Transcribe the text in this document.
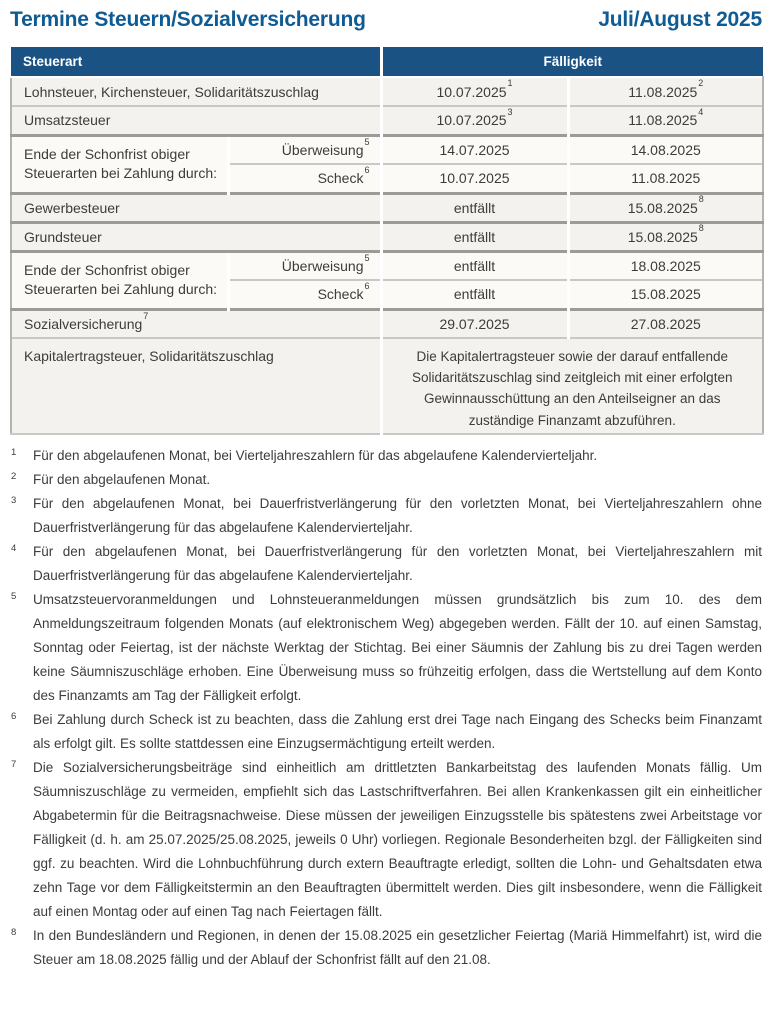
Termine Steuern/Sozialversicherung	Juli/August 2025
Steuerart		Fälligkeit	
Lohnsteuer, Kirchensteuer, Solidaritätszuschlag		10.07.2025$^1$	11.08.2025$^2$
Umsatzsteuer		10.07.2025$^3$	11.08.2025$^4$
Ende der Schonfrist obiger Steuerarten bei Zahlung durch:	Überweisung$^5$	14.07.2025	14.08.2025
	Scheck$^6$	10.07.2025	11.08.2025
Gewerbesteuer		entfällt	15.08.2025$^8$
Grundsteuer		entfällt	15.08.2025$^8$
Ende der Schonfrist obiger Steuerarten bei Zahlung durch:	Überweisung$^5$	entfällt	18.08.2025
	Scheck$^6$	entfällt	15.08.2025
Sozialversicherung$^7$		29.07.2025	27.08.2025
Kapitalertragsteuer, Solidaritätszuschlag		Die Kapitalertragsteuer sowie der darauf entfallende Solidaritätszuschlag sind zeitgleich mit einer erfolgten Gewinnausschüttung an den Anteilseigner an das zuständige Finanzamt abzuführen.	
1	Für den abgelaufenen Monat, bei Vierteljahreszahlern für das abgelaufene Kalendervierteljahr.
2	Für den abgelaufenen Monat.
3	Für den abgelaufenen Monat, bei Dauerfristverlängerung für den vorletzten Monat, bei Vierteljahreszahlern ohne Dauerfristverlängerung für das abgelaufene Kalendervierteljahr.
4	Für den abgelaufenen Monat, bei Dauerfristverlängerung für den vorletzten Monat, bei Vierteljahreszahlern mit Dauerfristverlängerung für das abgelaufene Kalendervierteljahr.
5	Umsatzsteuervoranmeldungen und Lohnsteueranmeldungen müssen grundsätzlich bis zum 10. des dem Anmeldungszeitraum folgenden Monats (auf elektronischem Weg) abgegeben werden. Fällt der 10. auf einen Samstag, Sonntag oder Feiertag, ist der nächste Werktag der Stichtag. Bei einer Säumnis der Zahlung bis zu drei Tagen werden keine Säumniszuschläge erhoben. Eine Überweisung muss so frühzeitig erfolgen, dass die Wertstellung auf dem Konto des Finanzamts am Tag der Fälligkeit erfolgt.
6	Bei Zahlung durch Scheck ist zu beachten, dass die Zahlung erst drei Tage nach Eingang des Schecks beim Finanzamt als erfolgt gilt. Es sollte stattdessen eine Einzugsermächtigung erteilt werden.
7	Die Sozialversicherungsbeiträge sind einheitlich am drittletzten Bankarbeitstag des laufenden Monats fällig. Um Säumniszuschläge zu vermeiden, empfiehlt sich das Lastschriftverfahren. Bei allen Krankenkassen gilt ein einheitlicher Abgabetermin für die Beitragsnachweise. Diese müssen der jeweiligen Einzugsstelle bis spätestens zwei Arbeitstage vor Fälligkeit (d. h. am 25.07.2025/25.08.2025, jeweils 0 Uhr) vorliegen. Regionale Besonderheiten bzgl. der Fälligkeiten sind ggf. zu beachten. Wird die Lohnbuchführung durch extern Beauftragte erledigt, sollten die Lohn- und Gehaltsdaten etwa zehn Tage vor dem Fälligkeitstermin an den Beauftragten übermittelt werden. Dies gilt insbesondere, wenn die Fälligkeit auf einen Montag oder auf einen Tag nach Feiertagen fällt.
8	In den Bundesländern und Regionen, in denen der 15.08.2025 ein gesetzlicher Feiertag (Mariä Himmelfahrt) ist, wird die Steuer am 18.08.2025 fällig und der Ablauf der Schonfrist fällt auf den 21.08.
